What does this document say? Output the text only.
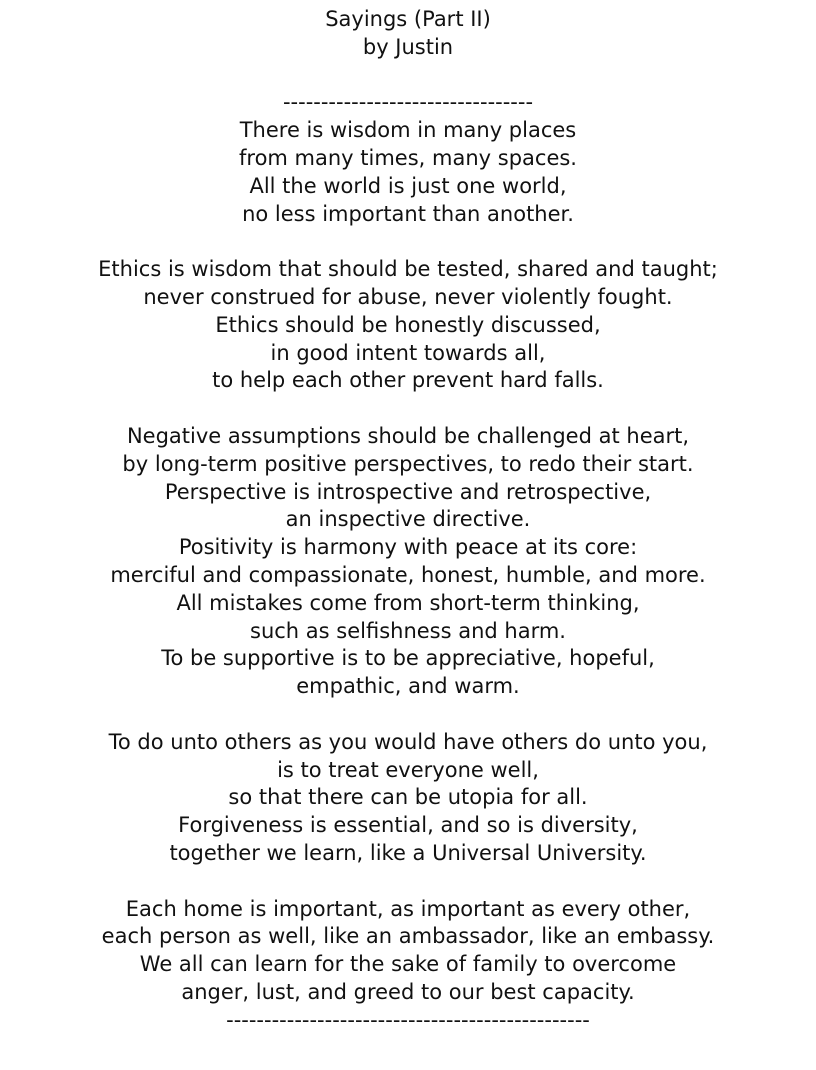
Sayings (Part II)
by Justin
---------------------------------
There is wisdom in many places
from many times, many spaces.
All the world is just one world,
no less important than another.
Ethics is wisdom that should be tested, shared and taught;
never construed for abuse, never violently fought.
Ethics should be honestly discussed,
in good intent towards all,
to help each other prevent hard falls.
Negative assumptions should be challenged at heart,
by long-term positive perspectives, to redo their start.
Perspective is introspective and retrospective,
an inspective directive.
Positivity is harmony with peace at its core:
merciful and compassionate, honest, humble, and more.
All mistakes come from short-term thinking,
such as selfishness and harm.
To be supportive is to be appreciative, hopeful,
empathic, and warm.
To do unto others as you would have others do unto you,
is to treat everyone well,
so that there can be utopia for all.
Forgiveness is essential, and so is diversity,
together we learn, like a Universal University.
Each home is important, as important as every other,
each person as well, like an ambassador, like an embassy.
We all can learn for the sake of family to overcome
anger, lust, and greed to our best capacity.
------------------------------------------------
